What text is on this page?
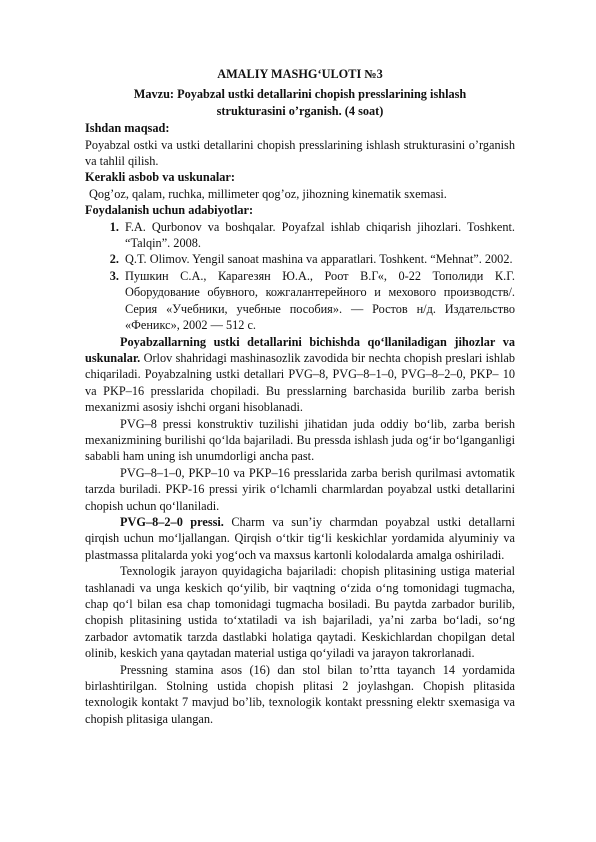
AMALIY MASHG‘ULOTI №3
Mavzu: Poyabzal ustki detallarini chopish presslarining ishlash
strukturasini o’rganish. (4 soat)
Ishdan maqsad:

Poyabzal ostki va ustki detallarini chopish presslarining ishlash strukturasini o’rganish va tahlil qilish.

Kerakli asbob va uskunalar:

Qog’oz, qalam, ruchka, millimeter qog’oz, jihozning kinematik sxemasi.

Foydalanish uchun adabiyotlar:
1. F.A. Qurbonov va boshqalar. Poyafzal ishlab chiqarish jihozlari. Toshkent. “Talqin”. 2008.
2. Q.T. Olimov. Yengil sanoat mashina va apparatlari. Toshkent. “Mehnat”. 2002.
3. Пушкин С.А., Карагезян Ю.А., Роот В.Г«, 0-22 Тополиди К.Г. Оборудование обувного, кожгалантерейного и мехового производств/. Серия «Учебники, учебные пособия». — Ростов н/д. Издательство «Феникс», 2002 — 512 с.

Poyabzallarning ustki detallarini bichishda qo‘llaniladigan jihozlar va uskunalar. Orlov shahridagi mashinasozlik zavodida bir nechta chopish preslari ishlab chiqariladi. Poyabzalning ustki detallari PVG–8, PVG–8–1–0, PVG–8–2–0, PKP– 10 va PKP–16 presslarida chopiladi. Bu presslarning barchasida burilib zarba berish mexanizmi asosiy ishchi organi hisoblanadi.

PVG–8 pressi konstruktiv tuzilishi jihatidan juda oddiy bo‘lib, zarba berish mexanizmining burilishi qo‘lda bajariladi. Bu pressda ishlash juda og‘ir bo‘lganganligi sababli ham uning ish unumdorligi ancha past.

PVG–8–1–0, PKP–10 va PKP–16 presslarida zarba berish qurilmasi avtomatik tarzda buriladi. PKP-16 pressi yirik o‘lchamli charmlardan poyabzal ustki detallarini chopish uchun qo‘llaniladi.

PVG–8–2–0 pressi. Charm va sun’iy charmdan poyabzal ustki detallarni qirqish uchun mo‘ljallangan. Qirqish o‘tkir tig‘li keskichlar yordamida alyuminiy va plastmassa plitalarda yoki yog‘och va maxsus kartonli kolodalarda amalga oshiriladi.

Texnologik jarayon quyidagicha bajariladi: chopish plitasining ustiga material tashlanadi va unga keskich qo‘yilib, bir vaqtning o‘zida o‘ng tomonidagi tugmacha, chap qo‘l bilan esa chap tomonidagi tugmacha bosiladi. Bu paytda zarbador burilib, chopish plitasining ustida to‘xtatiladi va ish bajariladi, ya’ni zarba bo‘ladi, so‘ng zarbador avtomatik tarzda dastlabki holatiga qaytadi. Keskichlardan chopilgan detal olinib, keskich yana qaytadan material ustiga qo‘yiladi va jarayon takrorlanadi.

Pressning stamina asos (16) dan stol bilan to’rtta tayanch 14 yordamida birlashtirilgan. Stolning ustida chopish plitasi 2 joylashgan. Chopish plitasida texnologik kontakt 7 mavjud bo’lib, texnologik kontakt pressning elektr sxemasiga va chopish plitasiga ulangan.
